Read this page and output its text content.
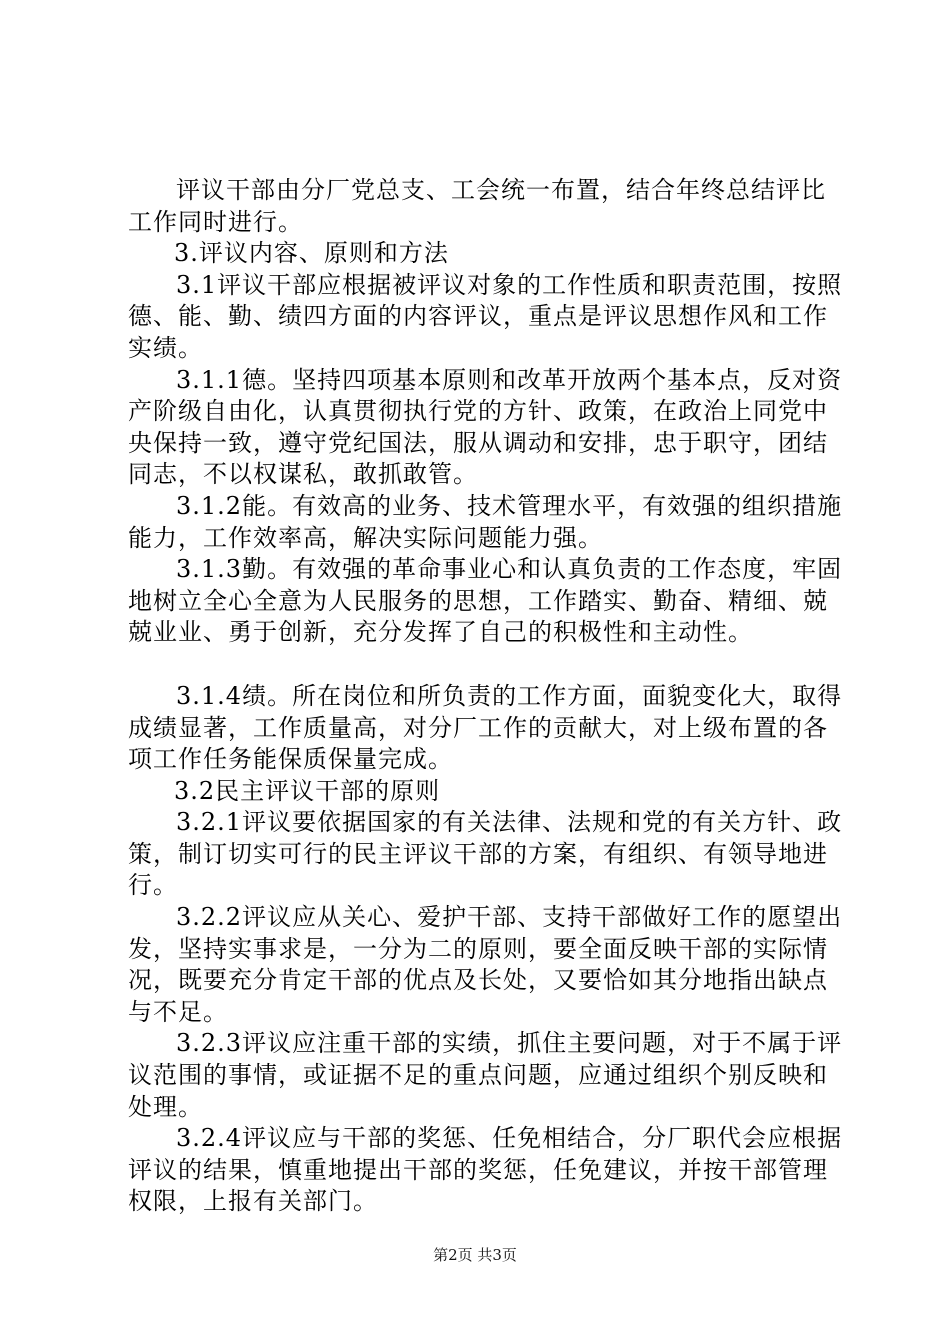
评议干部由分厂党总支、工会统一布置，结合年终总结评比工作同时进行。

3.评议内容、原则和方法

3.1评议干部应根据被评议对象的工作性质和职责范围，按照德、能、勤、绩四方面的内容评议，重点是评议思想作风和工作实绩。

3.1.1德。坚持四项基本原则和改革开放两个基本点，反对资产阶级自由化，认真贯彻执行党的方针、政策，在政治上同党中央保持一致，遵守党纪国法，服从调动和安排，忠于职守，团结同志，不以权谋私，敢抓敢管。

3.1.2能。有效高的业务、技术管理水平，有效强的组织措施能力，工作效率高，解决实际问题能力强。

3.1.3勤。有效强的革命事业心和认真负责的工作态度，牢固地树立全心全意为人民服务的思想，工作踏实、勤奋、精细、兢兢业业、勇于创新，充分发挥了自己的积极性和主动性。

3.1.4绩。所在岗位和所负责的工作方面，面貌变化大，取得成绩显著，工作质量高，对分厂工作的贡献大，对上级布置的各项工作任务能保质保量完成。

3.2民主评议干部的原则

3.2.1评议要依据国家的有关法律、法规和党的有关方针、政策，制订切实可行的民主评议干部的方案，有组织、有领导地进行。

3.2.2评议应从关心、爱护干部、支持干部做好工作的愿望出发，坚持实事求是，一分为二的原则，要全面反映干部的实际情况，既要充分肯定干部的优点及长处，又要恰如其分地指出缺点与不足。

3.2.3评议应注重干部的实绩，抓住主要问题，对于不属于评议范围的事情，或证据不足的重点问题，应通过组织个别反映和处理。

3.2.4评议应与干部的奖惩、任免相结合，分厂职代会应根据评议的结果，慎重地提出干部的奖惩，任免建议，并按干部管理权限，上报有关部门。

第2页 共3页
